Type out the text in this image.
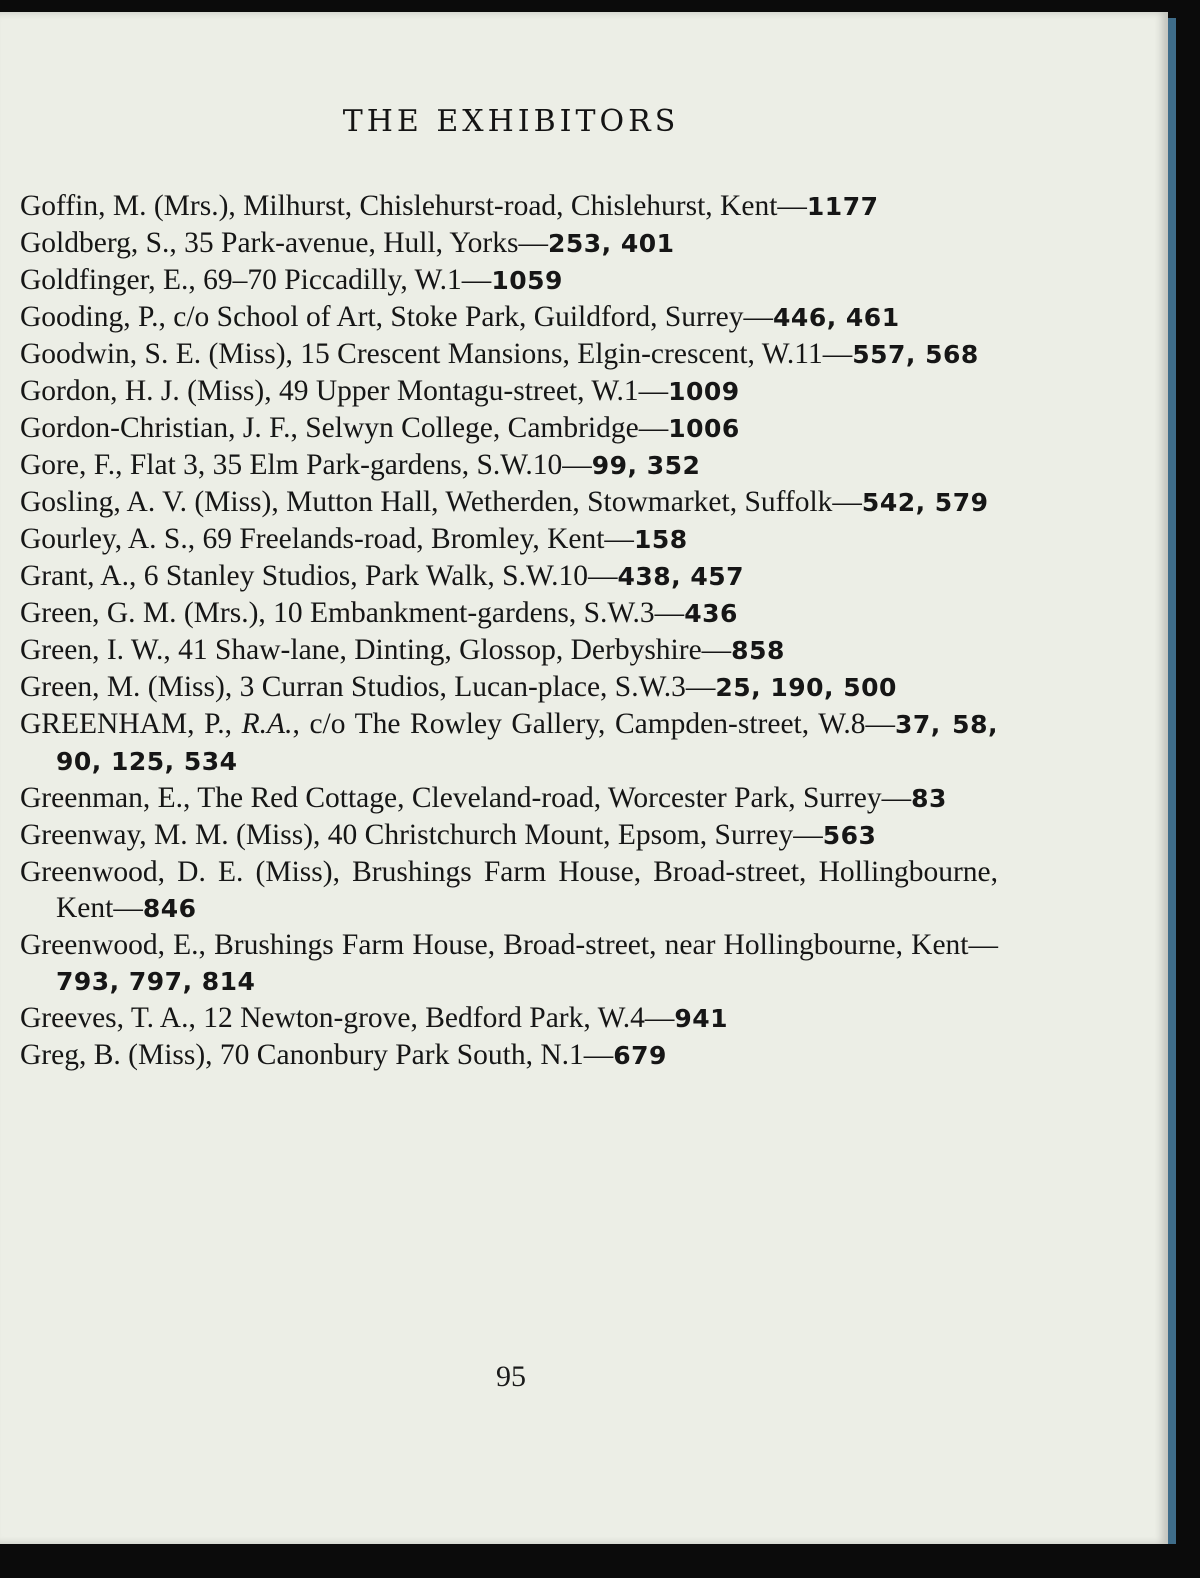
THE EXHIBITORS

Goffin, M. (Mrs.), Milhurst, Chislehurst-road, Chislehurst, Kent—1177

Goldberg, S., 35 Park-avenue, Hull, Yorks—253, 401

Goldfinger, E., 69–70 Piccadilly, W.1—1059

Gooding, P., c/o School of Art, Stoke Park, Guildford, Surrey—446, 461

Goodwin, S. E. (Miss), 15 Crescent Mansions, Elgin-crescent, W.11—557, 568

Gordon, H. J. (Miss), 49 Upper Montagu-street, W.1—1009

Gordon-Christian, J. F., Selwyn College, Cambridge—1006

Gore, F., Flat 3, 35 Elm Park-gardens, S.W.10—99, 352

Gosling, A. V. (Miss), Mutton Hall, Wetherden, Stowmarket, Suffolk—542, 579

Gourley, A. S., 69 Freelands-road, Bromley, Kent—158

Grant, A., 6 Stanley Studios, Park Walk, S.W.10—438, 457

Green, G. M. (Mrs.), 10 Embankment-gardens, S.W.3—436

Green, I. W., 41 Shaw-lane, Dinting, Glossop, Derbyshire—858

Green, M. (Miss), 3 Curran Studios, Lucan-place, S.W.3—25, 190, 500

GREENHAM, P., R.A., c/o The Rowley Gallery, Campden-street, W.8—37, 58, 90, 125, 534

Greenman, E., The Red Cottage, Cleveland-road, Worcester Park, Surrey—83

Greenway, M. M. (Miss), 40 Christchurch Mount, Epsom, Surrey—563

Greenwood, D. E. (Miss), Brushings Farm House, Broad-street, Hollingbourne, Kent—846

Greenwood, E., Brushings Farm House, Broad-street, near Hollingbourne, Kent—793, 797, 814

Greeves, T. A., 12 Newton-grove, Bedford Park, W.4—941

Greg, B. (Miss), 70 Canonbury Park South, N.1—679

95
